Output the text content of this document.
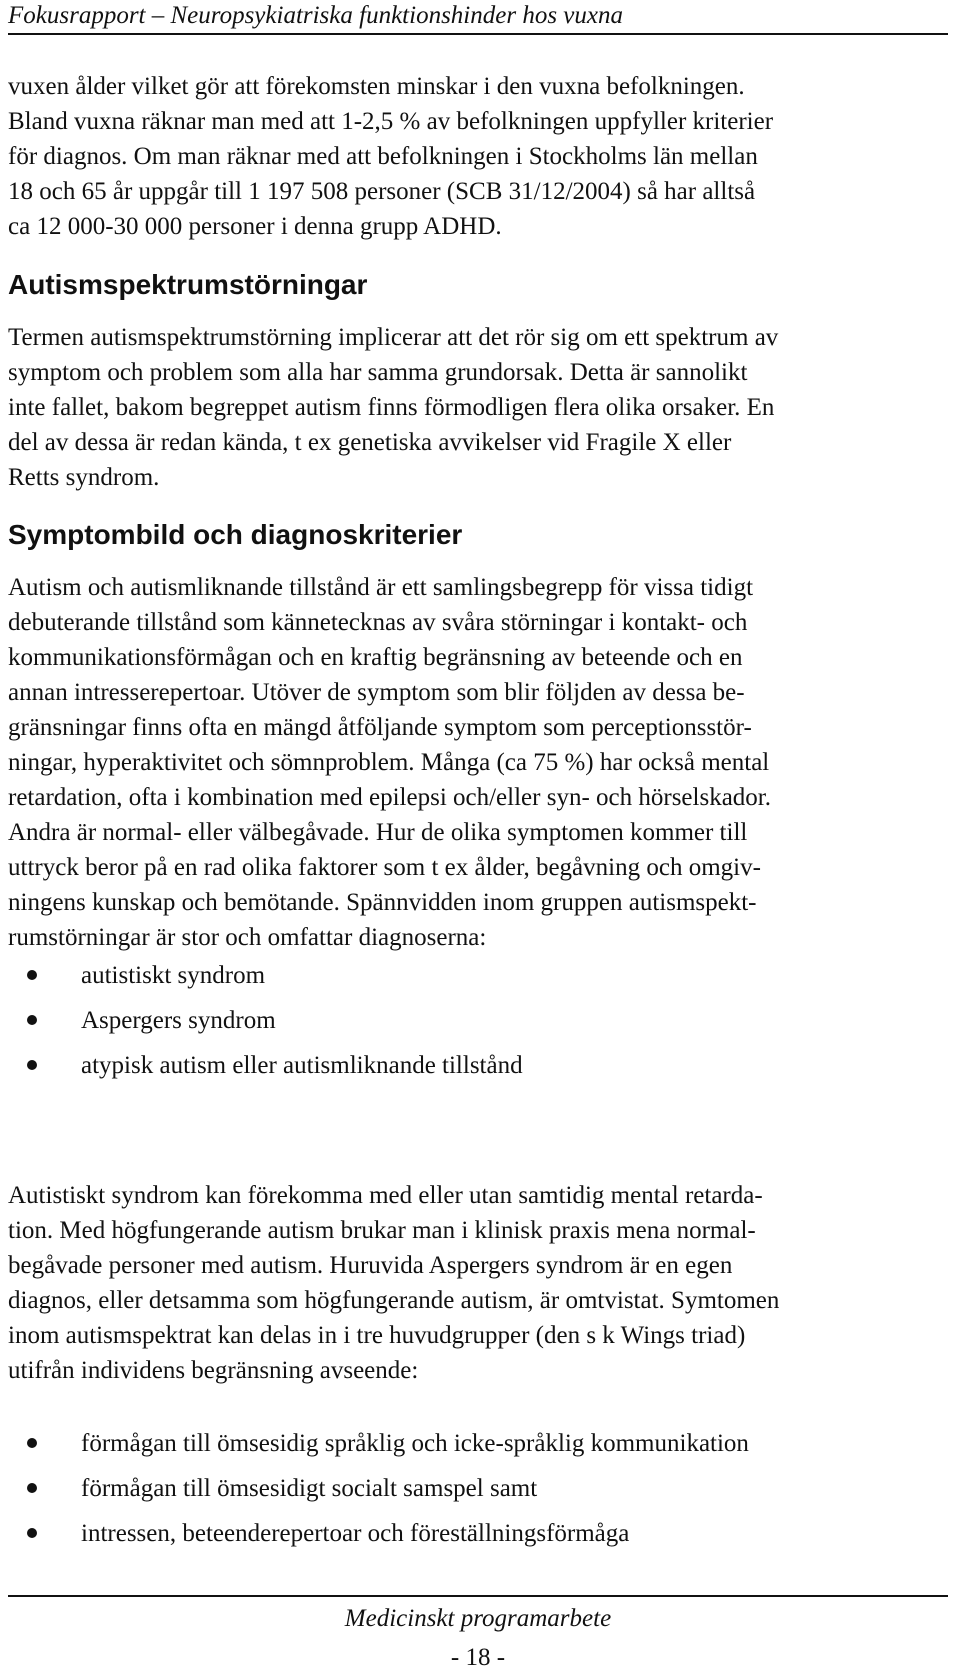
Fokusrapport – Neuropsykiatriska funktionshinder hos vuxna

vuxen ålder vilket gör att förekomsten minskar i den vuxna befolkningen.
Bland vuxna räknar man med att 1-2,5 % av befolkningen uppfyller kriterier
för diagnos. Om man räknar med att befolkningen i Stockholms län mellan
18 och 65 år uppgår till 1 197 508 personer (SCB 31/12/2004) så har alltså
ca 12 000-30 000 personer i denna grupp ADHD.

Autismspektrumstörningar

Termen autismspektrumstörning implicerar att det rör sig om ett spektrum av
symptom och problem som alla har samma grundorsak. Detta är sannolikt
inte fallet, bakom begreppet autism finns förmodligen flera olika orsaker. En
del av dessa är redan kända, t ex genetiska avvikelser vid Fragile X eller
Retts syndrom.

Symptombild och diagnoskriterier

Autism och autismliknande tillstånd är ett samlingsbegrepp för vissa tidigt
debuterande tillstånd som kännetecknas av svåra störningar i kontakt- och
kommunikationsförmågan och en kraftig begränsning av beteende och en
annan intresserepertoar. Utöver de symptom som blir följden av dessa be-
gränsningar finns ofta en mängd åtföljande symptom som perceptionsstör-
ningar, hyperaktivitet och sömnproblem. Många (ca 75 %) har också mental
retardation, ofta i kombination med epilepsi och/eller syn- och hörselskador.
Andra är normal- eller välbegåvade. Hur de olika symptomen kommer till
uttryck beror på en rad olika faktorer som t ex ålder, begåvning och omgiv-
ningens kunskap och bemötande. Spännvidden inom gruppen autismspekt-
rumstörningar är stor och omfattar diagnoserna:

autistiskt syndrom
Aspergers syndrom
atypisk autism eller autismliknande tillstånd

Autistiskt syndrom kan förekomma med eller utan samtidig mental retarda-
tion. Med högfungerande autism brukar man i klinisk praxis mena normal-
begåvade personer med autism. Huruvida Aspergers syndrom är en egen
diagnos, eller detsamma som högfungerande autism, är omtvistat. Symtomen
inom autismspektrat kan delas in i tre huvudgrupper (den s k Wings triad)
utifrån individens begränsning avseende:

förmågan till ömsesidig språklig och icke-språklig kommunikation
förmågan till ömsesidigt socialt samspel samt
intressen, beteenderepertoar och föreställningsförmåga
Medicinskt programarbete
- 18 -
